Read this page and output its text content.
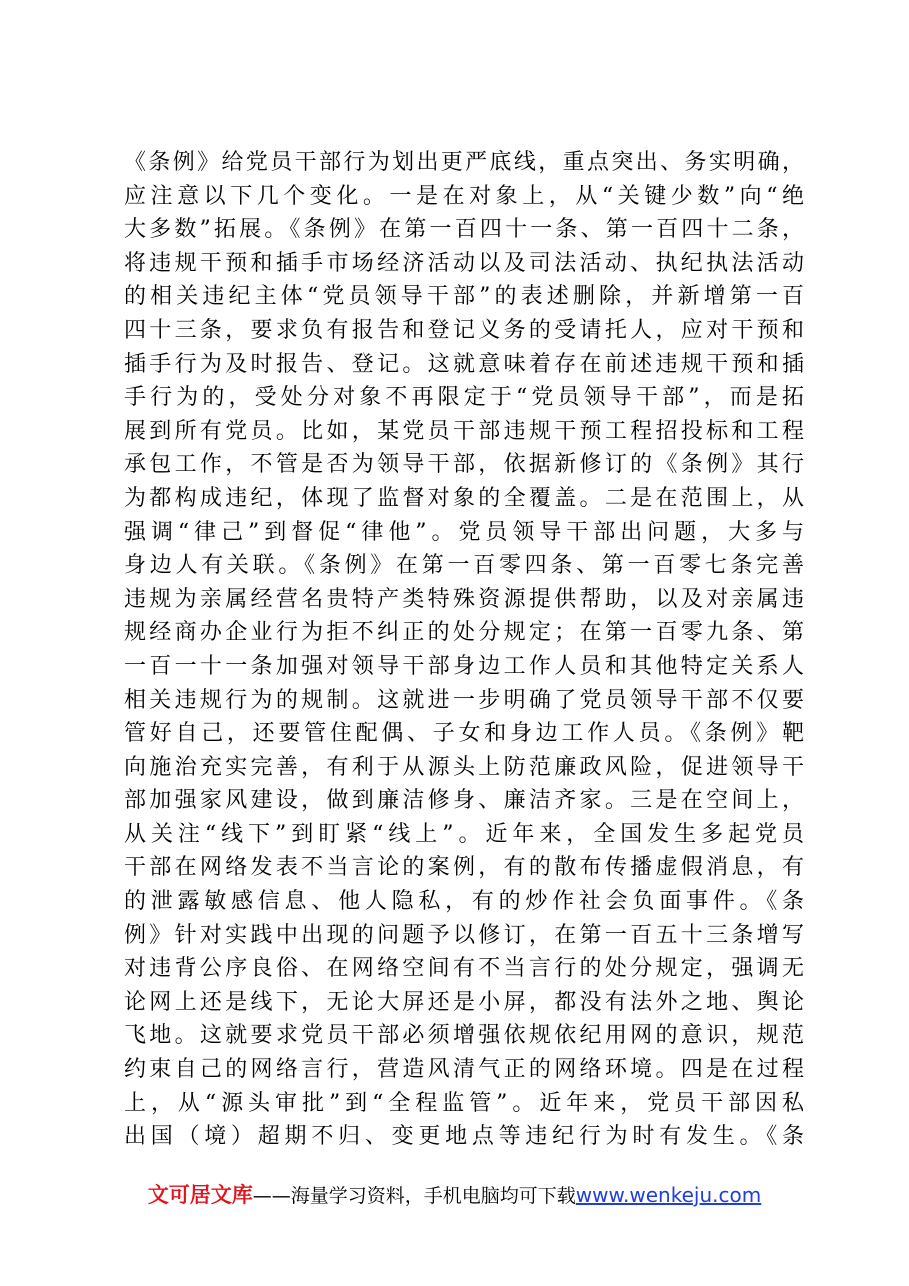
《条例》给党员干部行为划出更严底线，重点突出、务实明确，
应注意以下几个变化。一是在对象上，从“关键少数”向“绝
大多数”拓展。《条例》在第一百四十一条、第一百四十二条，
将违规干预和插手市场经济活动以及司法活动、执纪执法活动
的相关违纪主体“党员领导干部”的表述删除，并新增第一百
四十三条，要求负有报告和登记义务的受请托人，应对干预和
插手行为及时报告、登记。这就意味着存在前述违规干预和插
手行为的，受处分对象不再限定于“党员领导干部”，而是拓
展到所有党员。比如，某党员干部违规干预工程招投标和工程
承包工作，不管是否为领导干部，依据新修订的《条例》其行
为都构成违纪，体现了监督对象的全覆盖。二是在范围上，从
强调“律己”到督促“律他”。党员领导干部出问题，大多与
身边人有关联。《条例》在第一百零四条、第一百零七条完善
违规为亲属经营名贵特产类特殊资源提供帮助，以及对亲属违
规经商办企业行为拒不纠正的处分规定；在第一百零九条、第
一百一十一条加强对领导干部身边工作人员和其他特定关系人
相关违规行为的规制。这就进一步明确了党员领导干部不仅要
管好自己，还要管住配偶、子女和身边工作人员。《条例》靶
向施治充实完善，有利于从源头上防范廉政风险，促进领导干
部加强家风建设，做到廉洁修身、廉洁齐家。三是在空间上，
从关注“线下”到盯紧“线上”。近年来，全国发生多起党员
干部在网络发表不当言论的案例，有的散布传播虚假消息，有
的泄露敏感信息、他人隐私，有的炒作社会负面事件。《条
例》针对实践中出现的问题予以修订，在第一百五十三条增写
对违背公序良俗、在网络空间有不当言行的处分规定，强调无
论网上还是线下，无论大屏还是小屏，都没有法外之地、舆论
飞地。这就要求党员干部必须增强依规依纪用网的意识，规范
约束自己的网络言行，营造风清气正的网络环境。四是在过程
上，从“源头审批”到“全程监管”。近年来，党员干部因私
出国（境）超期不归、变更地点等违纪行为时有发生。《条
文可居文库——海量学习资料，手机电脑均可下载www.wenkeju.com
